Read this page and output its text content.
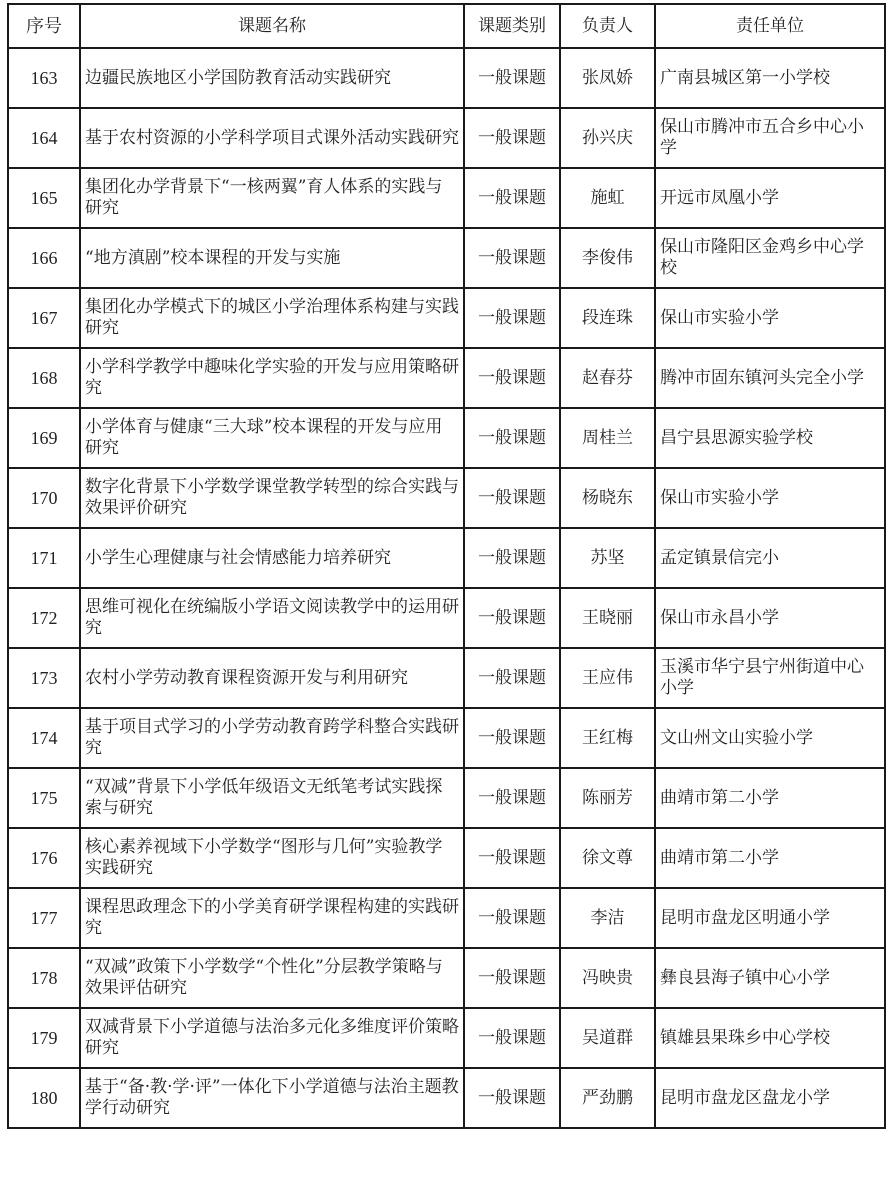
序号	课题名称	课题类别	负责人	责任单位
163	边疆民族地区小学国防教育活动实践研究	一般课题	张凤娇	广南县城区第一小学校
164	基于农村资源的小学科学项目式课外活动实践研究	一般课题	孙兴庆	保山市腾冲市五合乡中心小学
165	集团化办学背景下“一核两翼”育人体系的实践与研究	一般课题	施虹	开远市凤凰小学
166	“地方滇剧”校本课程的开发与实施	一般课题	李俊伟	保山市隆阳区金鸡乡中心学校
167	集团化办学模式下的城区小学治理体系构建与实践研究	一般课题	段连珠	保山市实验小学
168	小学科学教学中趣味化学实验的开发与应用策略研究	一般课题	赵春芬	腾冲市固东镇河头完全小学
169	小学体育与健康“三大球”校本课程的开发与应用研究	一般课题	周桂兰	昌宁县思源实验学校
170	数字化背景下小学数学课堂教学转型的综合实践与效果评价研究	一般课题	杨晓东	保山市实验小学
171	小学生心理健康与社会情感能力培养研究	一般课题	苏坚	孟定镇景信完小
172	思维可视化在统编版小学语文阅读教学中的运用研究	一般课题	王晓丽	保山市永昌小学
173	农村小学劳动教育课程资源开发与利用研究	一般课题	王应伟	玉溪市华宁县宁州街道中心小学
174	基于项目式学习的小学劳动教育跨学科整合实践研究	一般课题	王红梅	文山州文山实验小学
175	“双减”背景下小学低年级语文无纸笔考试实践探索与研究	一般课题	陈丽芳	曲靖市第二小学
176	核心素养视域下小学数学“图形与几何”实验教学实践研究	一般课题	徐文尊	曲靖市第二小学
177	课程思政理念下的小学美育研学课程构建的实践研究	一般课题	李洁	昆明市盘龙区明通小学
178	“双减”政策下小学数学“个性化”分层教学策略与效果评估研究	一般课题	冯映贵	彝良县海子镇中心小学
179	双减背景下小学道德与法治多元化多维度评价策略研究	一般课题	吴道群	镇雄县果珠乡中心学校
180	基于“备·教·学·评”一体化下小学道德与法治主题教学行动研究	一般课题	严劲鹏	昆明市盘龙区盘龙小学
